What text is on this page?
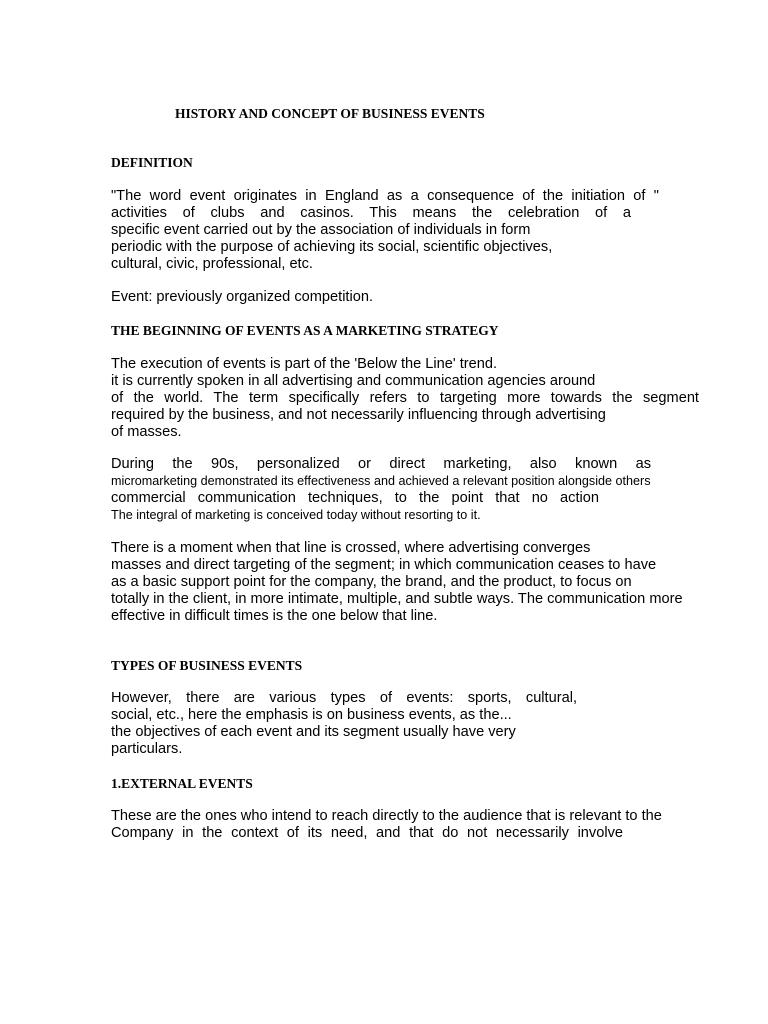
HISTORY AND CONCEPT OF BUSINESS EVENTS
DEFINITION
"The word event originates in England as a consequence of the initiation of "
activities of clubs and casinos. This means the celebration of a
specific event carried out by the association of individuals in form
periodic with the purpose of achieving its social, scientific objectives,
cultural, civic, professional, etc.
Event: previously organized competition.
THE BEGINNING OF EVENTS AS A MARKETING STRATEGY
The execution of events is part of the 'Below the Line' trend.
it is currently spoken in all advertising and communication agencies around
of the world. The term specifically refers to targeting more towards the segment
required by the business, and not necessarily influencing through advertising
of masses.
During the 90s, personalized or direct marketing, also known as
micromarketing demonstrated its effectiveness and achieved a relevant position alongside others
commercial communication techniques, to the point that no action
The integral of marketing is conceived today without resorting to it.
There is a moment when that line is crossed, where advertising converges
masses and direct targeting of the segment; in which communication ceases to have
as a basic support point for the company, the brand, and the product, to focus on
totally in the client, in more intimate, multiple, and subtle ways. The communication more
effective in difficult times is the one below that line.
TYPES OF BUSINESS EVENTS
However, there are various types of events: sports, cultural,
social, etc., here the emphasis is on business events, as the...
the objectives of each event and its segment usually have very
particulars.
1.EXTERNAL EVENTS
These are the ones who intend to reach directly to the audience that is relevant to the
Company in the context of its need, and that do not necessarily involve
